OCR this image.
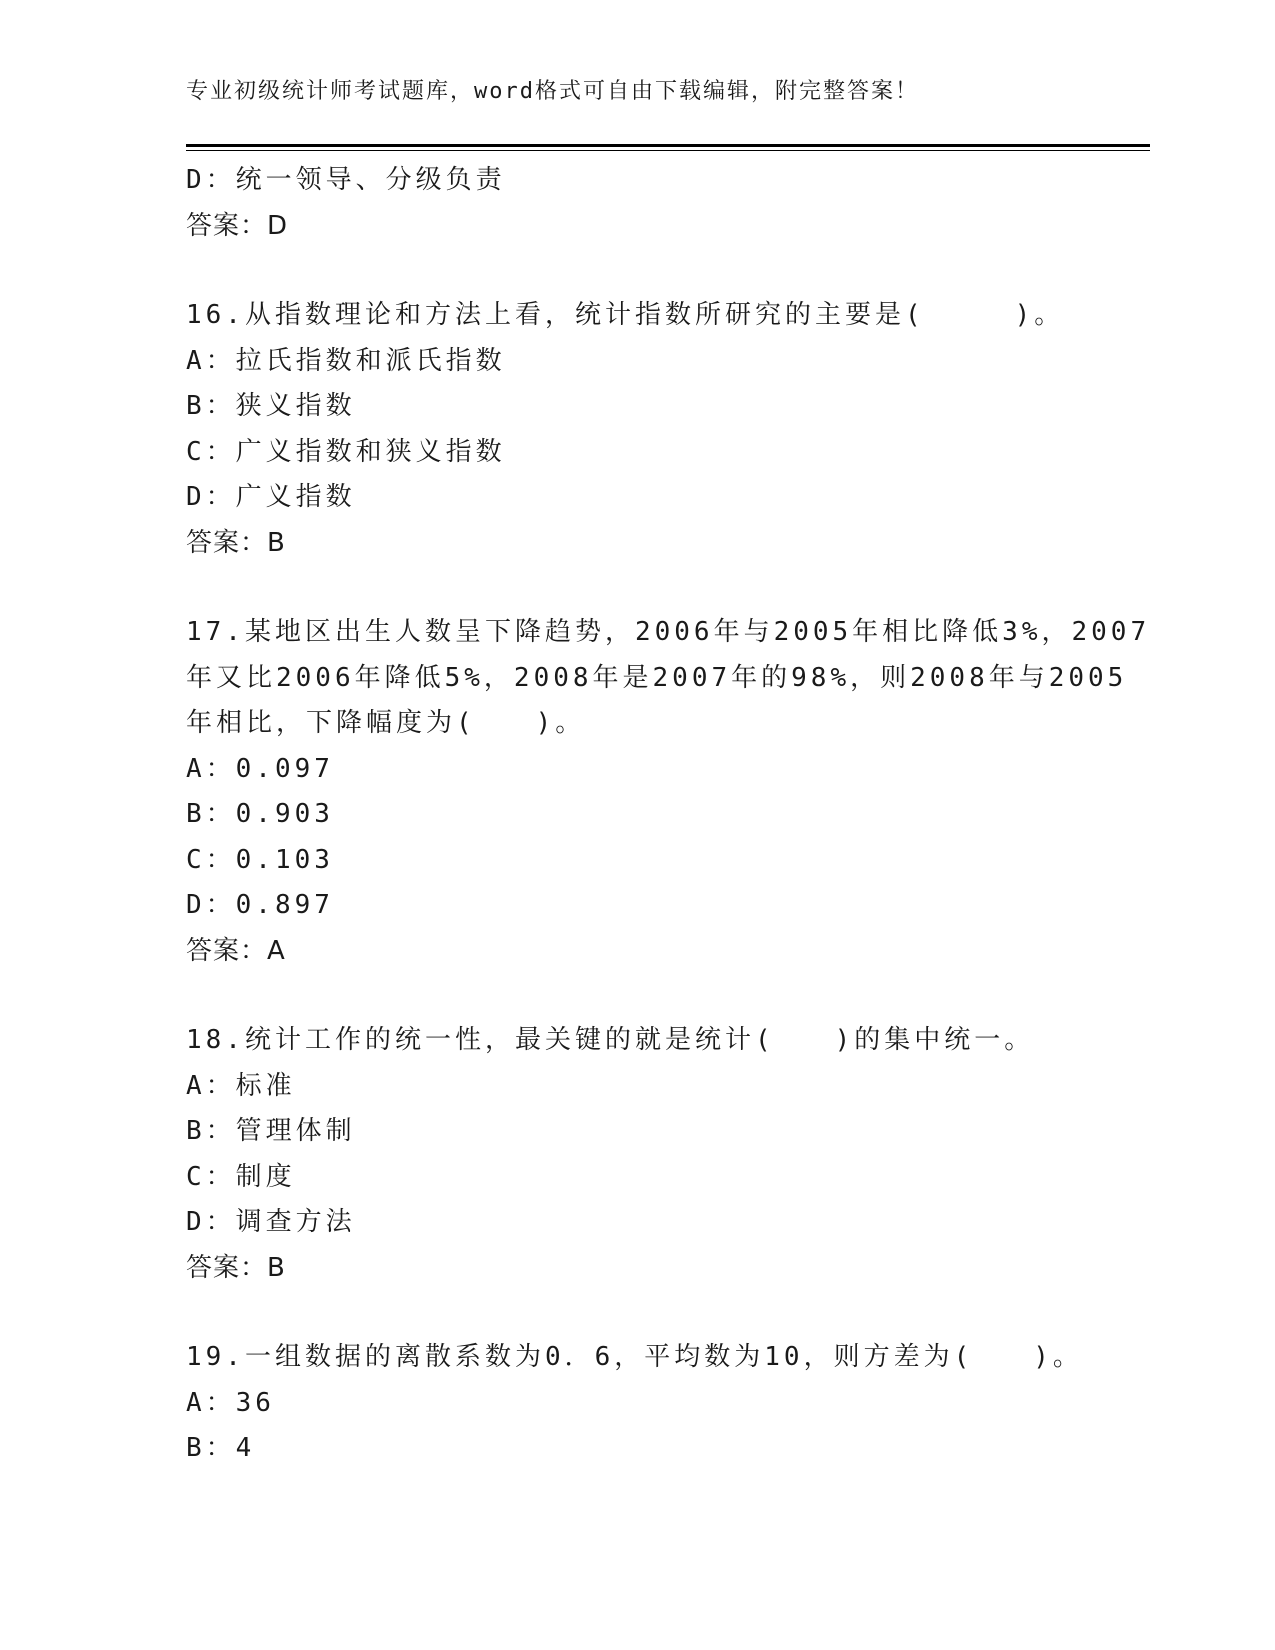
专业初级统计师考试题库，word格式可自由下载编辑，附完整答案！
D：统一领导、分级负责
答案：D
16.从指数理论和方法上看，统计指数所研究的主要是(　　　)。
A：拉氏指数和派氏指数
B：狭义指数
C：广义指数和狭义指数
D：广义指数
答案：B
17.某地区出生人数呈下降趋势，2006年与2005年相比降低3%，2007
年又比2006年降低5%，2008年是2007年的98%，则2008年与2005
年相比，下降幅度为(　　)。
A：0.097
B：0.903
C：0.103
D：0.897
答案：A
18.统计工作的统一性，最关键的就是统计(　　)的集中统一。
A：标准
B：管理体制
C：制度
D：调查方法
答案：B
19.一组数据的离散系数为0．6，平均数为10，则方差为(　　)。
A：36
B：4
